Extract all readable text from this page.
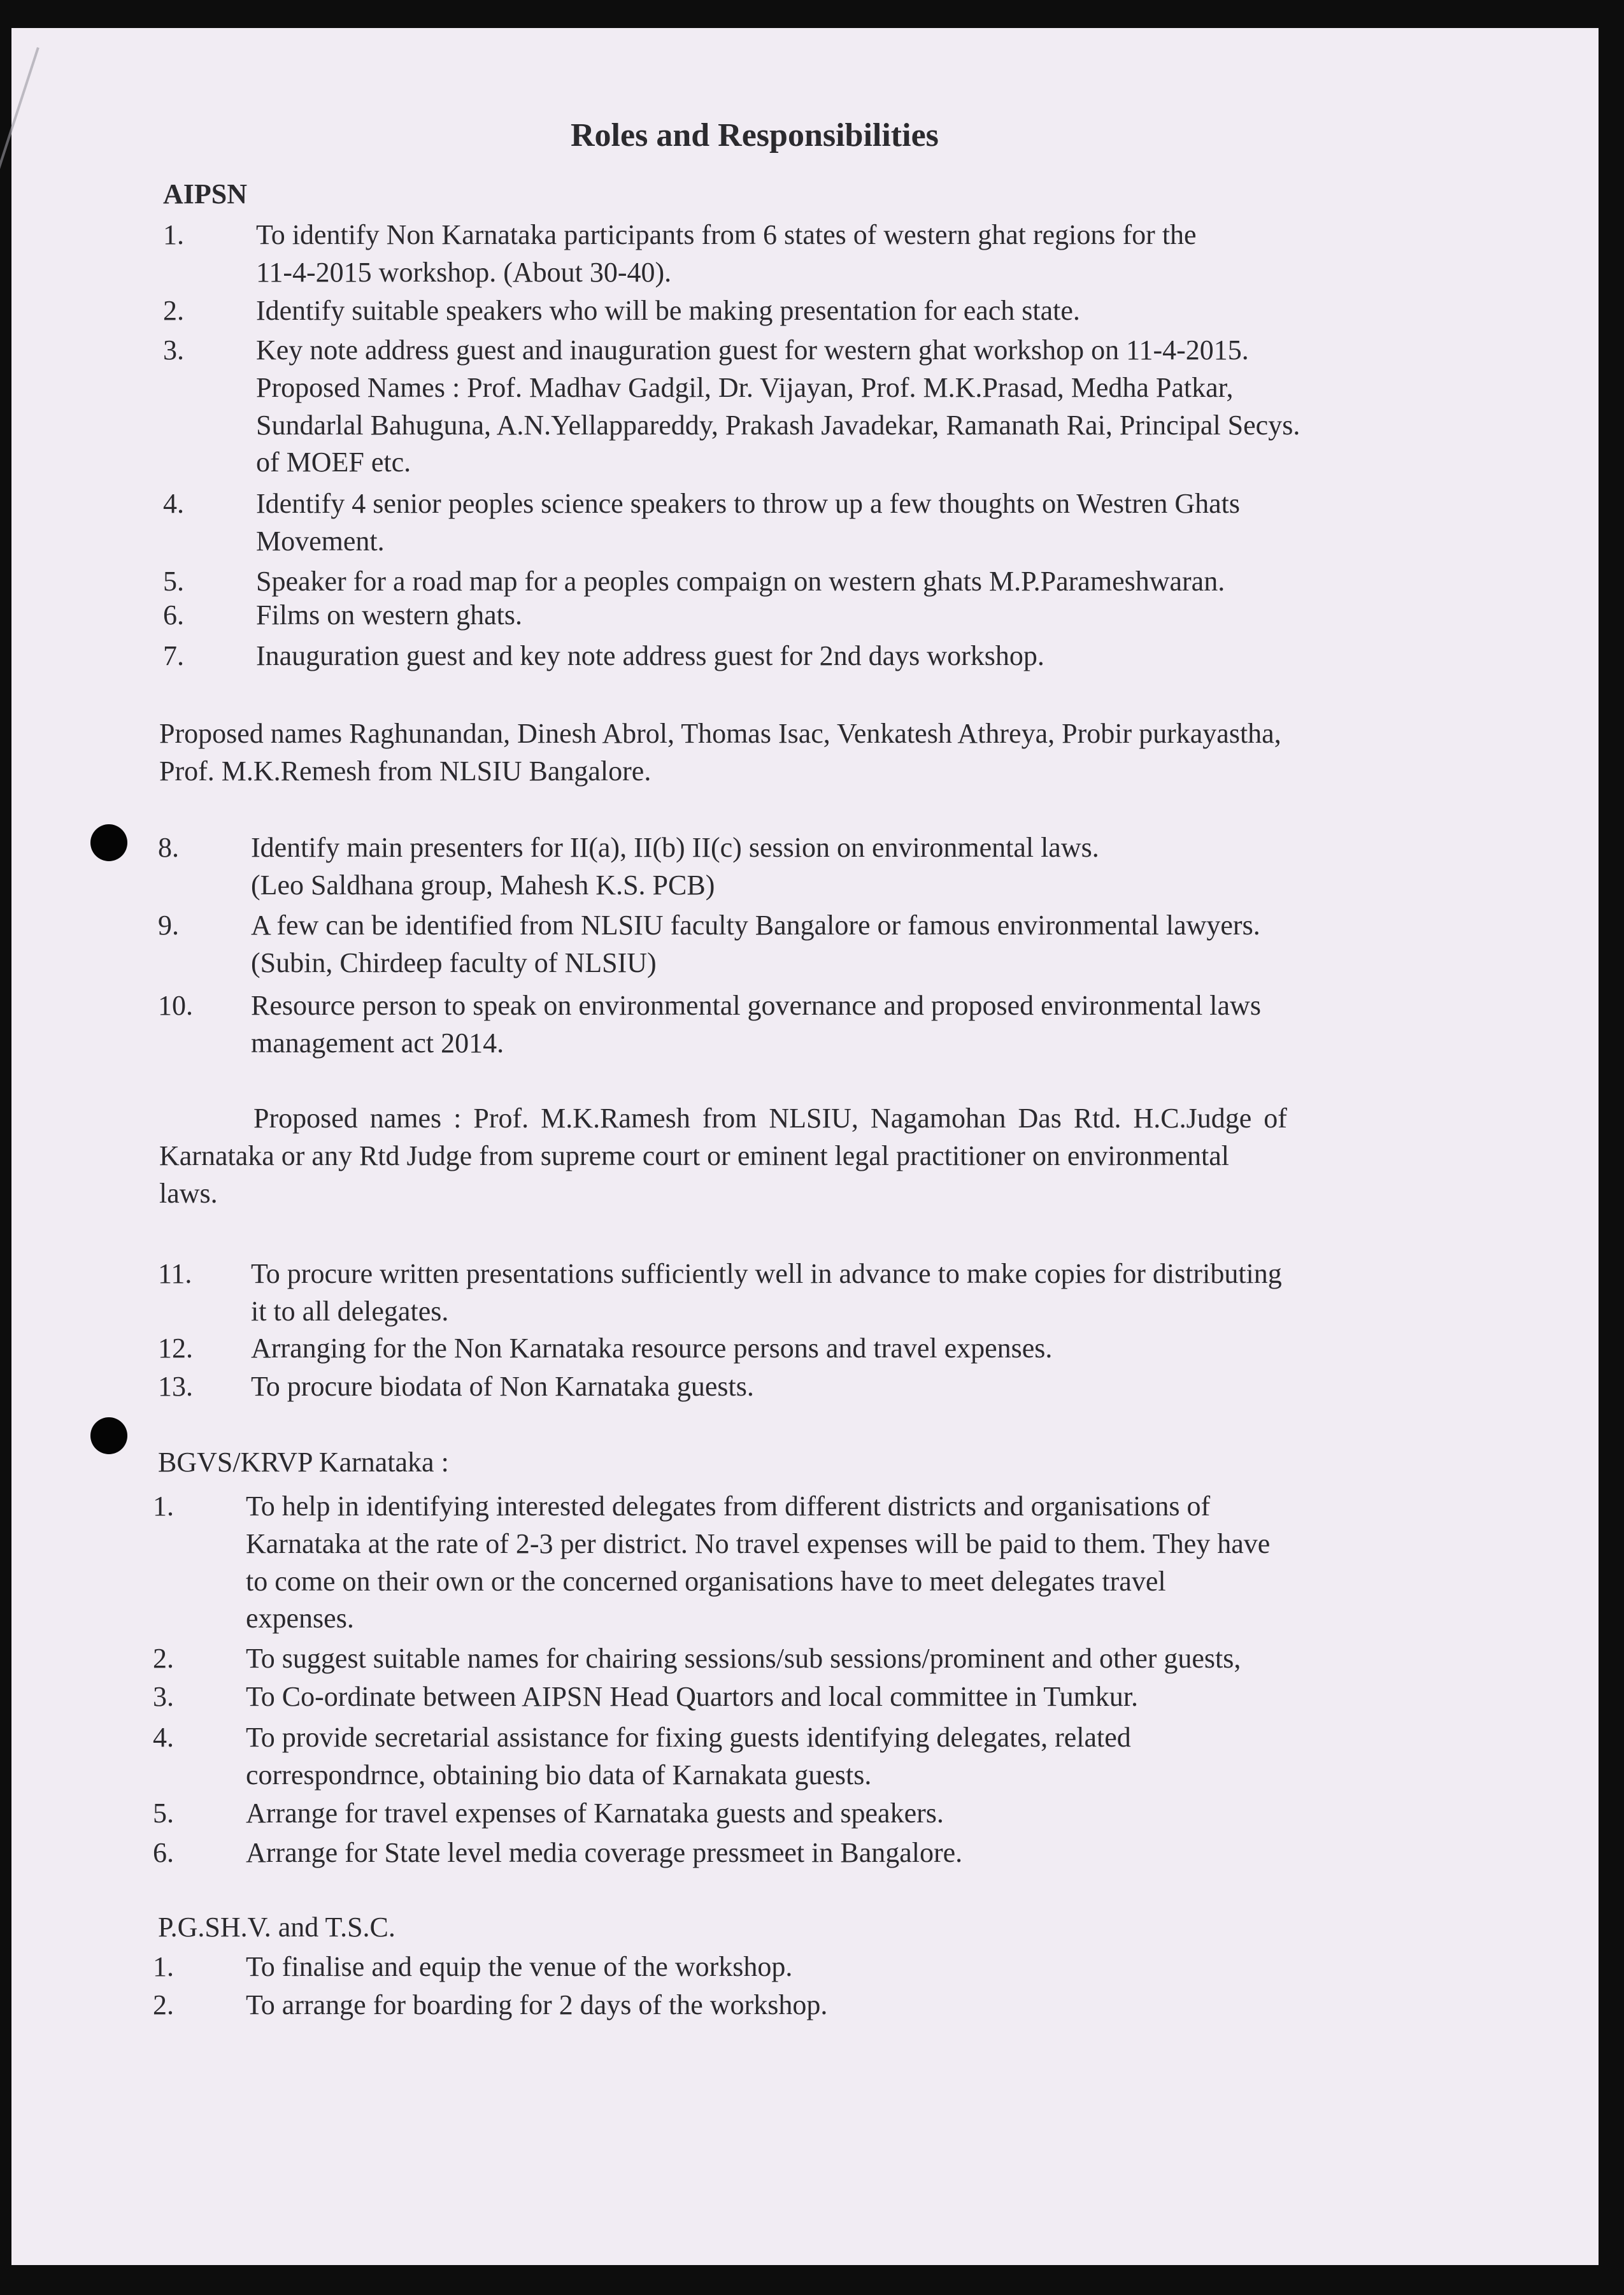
Roles and Responsibilities
AIPSN
1.	To identify Non Karnataka participants from 6 states of western ghat regions for the
11-4-2015 workshop. (About 30-40).
2.	Identify suitable speakers who will be making presentation for each state.
3.	Key note address guest and inauguration guest for western ghat workshop on 11-4-2015.
Proposed Names : Prof. Madhav Gadgil, Dr. Vijayan, Prof. M.K.Prasad, Medha Patkar,
Sundarlal Bahuguna, A.N.Yellappareddy, Prakash Javadekar, Ramanath Rai, Principal Secys.
of MOEF etc.
4.	Identify 4 senior peoples science speakers to throw up a few thoughts on Westren Ghats
Movement.
5.	Speaker for a road map for a peoples compaign on western ghats M.P.Parameshwaran.
6.	Films on western ghats.
7.	Inauguration guest and key note address guest for 2nd days workshop.
Proposed names Raghunandan, Dinesh Abrol, Thomas Isac, Venkatesh Athreya, Probir purkayastha,
Prof. M.K.Remesh from NLSIU Bangalore.
8.	Identify main presenters for II(a), II(b) II(c) session on environmental laws.
(Leo Saldhana group, Mahesh K.S. PCB)
9.	A few can be identified from NLSIU faculty Bangalore or famous environmental lawyers.
(Subin, Chirdeep faculty of NLSIU)
10. Resource person to speak on environmental governance and proposed environmental laws
management act 2014.
Proposed names : Prof. M.K.Ramesh from NLSIU, Nagamohan Das Rtd. H.C.Judge of
Karnataka or any Rtd Judge from supreme court or eminent legal practitioner on environmental
laws.
11. To procure written presentations sufficiently well in advance to make copies for distributing
it to all delegates.
12. Arranging for the Non Karnataka resource persons and travel expenses.
13. To procure biodata of Non Karnataka guests.
BGVS/KRVP Karnataka :
1.	To help in identifying interested delegates from different districts and organisations of
Karnataka at the rate of 2-3 per district. No travel expenses will be paid to them. They have
to come on their own or the concerned organisations have to meet delegates travel
expenses.
2.	To suggest suitable names for chairing sessions/sub sessions/prominent and other guests,
3.	To Co-ordinate between AIPSN Head Quartors and local committee in Tumkur.
4.	To provide secretarial assistance for fixing guests identifying delegates, related
correspondrnce, obtaining bio data of Karnakata guests.
5.	Arrange for travel expenses of Karnataka guests and speakers.
6.	Arrange for State level media coverage pressmeet in Bangalore.
P.G.SH.V. and T.S.C.
1.	To finalise and equip the venue of the workshop.
2.	To arrange for boarding for 2 days of the workshop.
